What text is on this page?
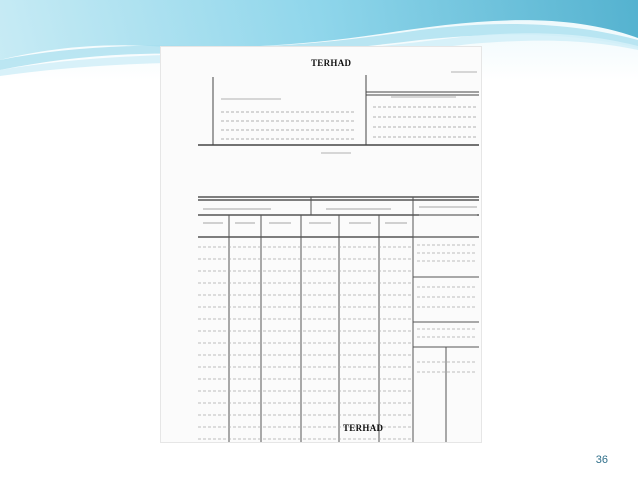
TERHAD
TERHAD
36
